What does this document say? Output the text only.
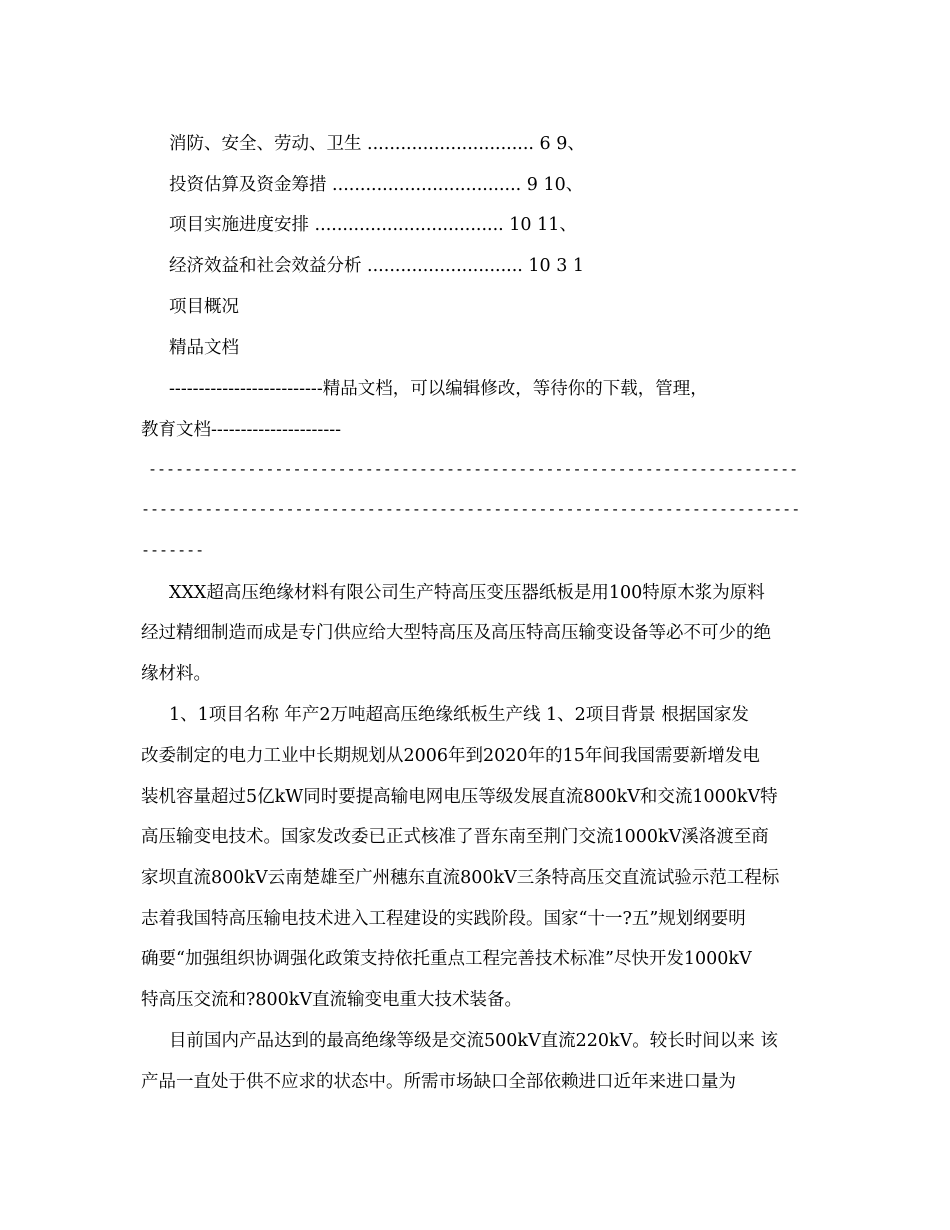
消防、安全、劳动、卫生 .............................. 6 9、
投资估算及资金筹措 .................................. 9 10、
项目实施进度安排 .................................. 10 11、
经济效益和社会效益分析 ............................ 10 3 1
项目概况
精品文档
--------------------------精品文档，可以编辑修改，等待你的下载，管理，
教育文档----------------------
------------------------------------------------------------------------
-------------------------------------------------------------------------
-------
XXX超高压绝缘材料有限公司生产特高压变压器纸板是用100特原木浆为原料
经过精细制造而成是专门供应给大型特高压及高压特高压输变设备等必不可少的绝
缘材料。
1、1项目名称 年产2万吨超高压绝缘纸板生产线 1、2项目背景 根据国家发
改委制定的电力工业中长期规划从2006年到2020年的15年间我国需要新增发电
装机容量超过5亿kW同时要提高输电网电压等级发展直流800kV和交流1000kV特
高压输变电技术。国家发改委已正式核准了晋东南至荆门交流1000kV溪洛渡至商
家坝直流800kV云南楚雄至广州穗东直流800kV三条特高压交直流试验示范工程标
志着我国特高压输电技术进入工程建设的实践阶段。国家“十一?五”规划纲要明
确要“加强组织协调强化政策支持依托重点工程完善技术标准”尽快开发1000kV
特高压交流和?800kV直流输变电重大技术装备。
目前国内产品达到的最高绝缘等级是交流500kV直流220kV。较长时间以来 该
产品一直处于供不应求的状态中。所需市场缺口全部依赖进口近年来进口量为
